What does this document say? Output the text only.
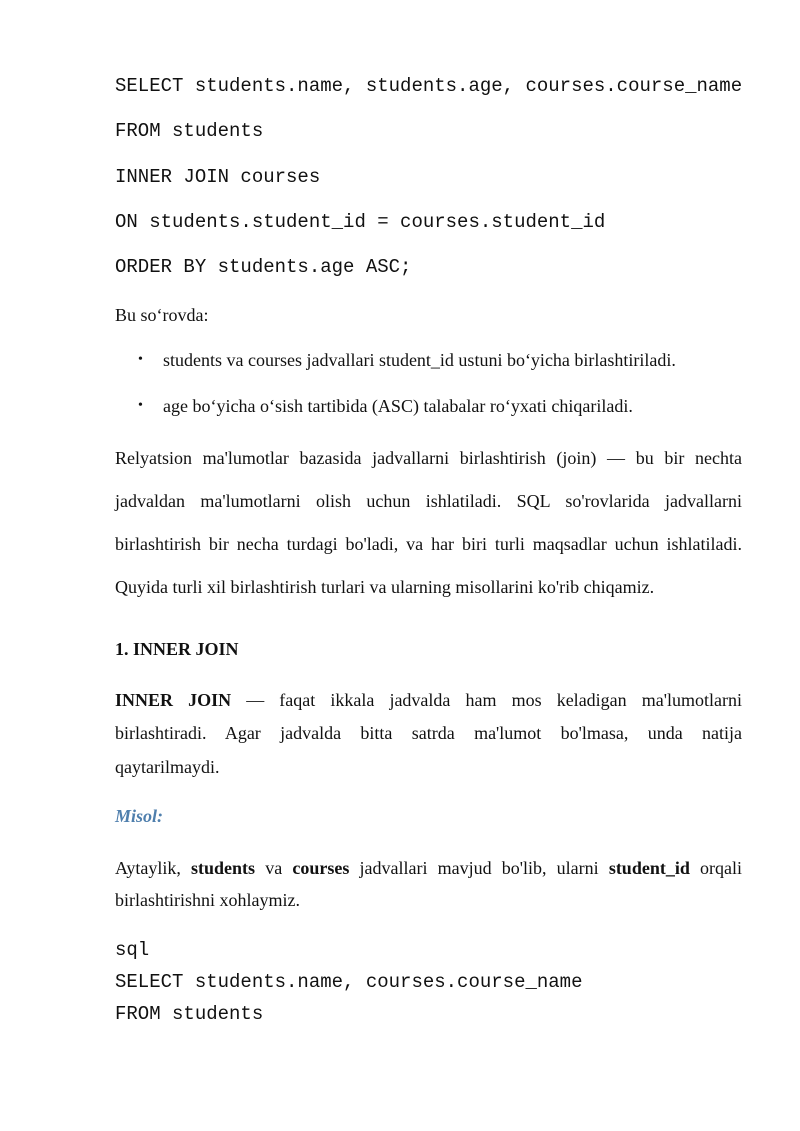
SELECT students.name, students.age, courses.course_name
FROM students
INNER JOIN courses
ON students.student_id = courses.student_id
ORDER BY students.age ASC;

Bu so‘rovda:

• students va courses jadvallari student_id ustuni bo‘yicha birlashtiriladi.

• age bo‘yicha o‘sish tartibida (ASC) talabalar ro‘yxati chiqariladi.

Relyatsion ma'lumotlar bazasida jadvallarni birlashtirish (join) — bu bir nechta

jadvaldan ma'lumotlarni olish uchun ishlatiladi. SQL so'rovlarida jadvallarni

birlashtirish bir necha turdagi bo'ladi, va har biri turli maqsadlar uchun ishlatiladi.

Quyida turli xil birlashtirish turlari va ularning misollarini ko'rib chiqamiz.

1. INNER JOIN

INNER JOIN — faqat ikkala jadvalda ham mos keladigan ma'lumotlarni

birlashtiradi. Agar jadvalda bitta satrda ma'lumot bo'lmasa, unda natija

qaytarilmaydi.

Misol:

Aytaylik, students va courses jadvallari mavjud bo'lib, ularni student_id orqali

birlashtirishni xohlaymiz.

sql
SELECT students.name, courses.course_name
FROM students
